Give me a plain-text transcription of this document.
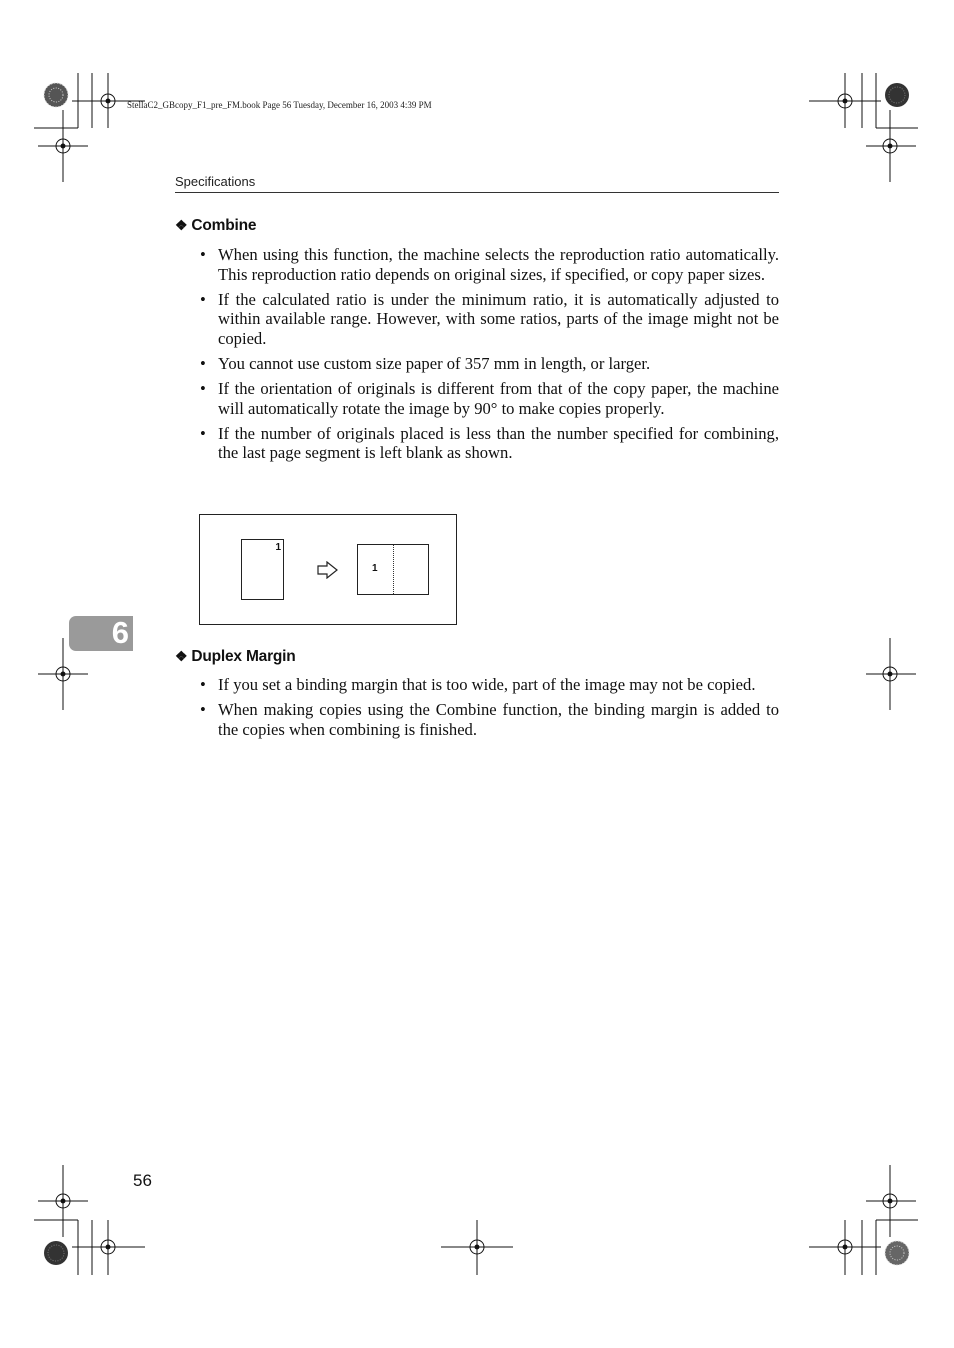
StellaC2_GBcopy_F1_pre_FM.book Page 56 Tuesday, December 16, 2003 4:39 PM
Specifications
❖ Combine
• When using this function, the machine selects the reproduction ratio automatically. This reproduction ratio depends on original sizes, if specified, or copy paper sizes.
• If the calculated ratio is under the minimum ratio, it is automatically adjusted to within available range. However, with some ratios, parts of the image might not be copied.
• You cannot use custom size paper of 357 mm in length, or larger.
• If the orientation of originals is different from that of the copy paper, the machine will automatically rotate the image by 90° to make copies properly.
• If the number of originals placed is less than the number specified for combining, the last page segment is left blank as shown.
1
1
6
❖ Duplex Margin
• If you set a binding margin that is too wide, part of the image may not be copied.
• When making copies using the Combine function, the binding margin is added to the copies when combining is finished.
56
